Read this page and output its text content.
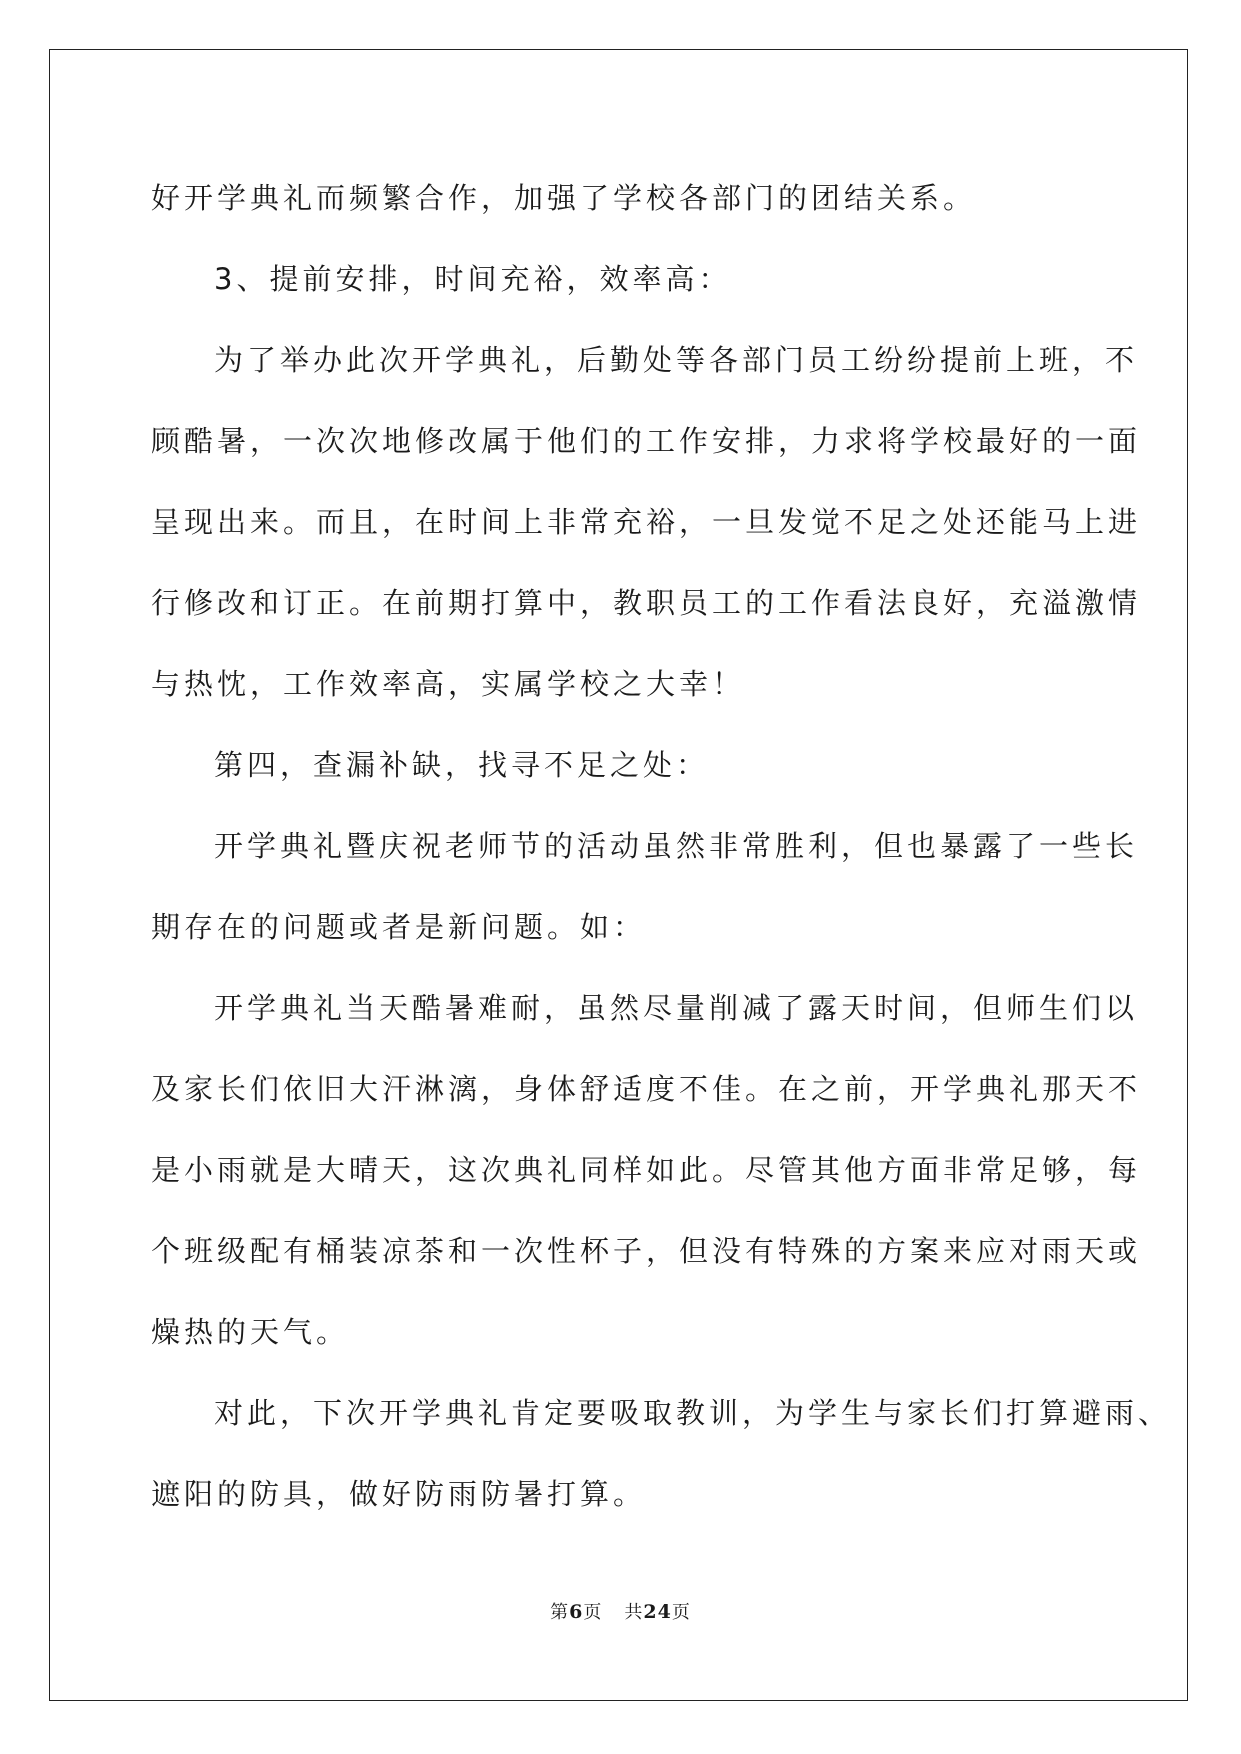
好开学典礼而频繁合作，加强了学校各部门的团结关系。

3、提前安排，时间充裕，效率高：

为了举办此次开学典礼，后勤处等各部门员工纷纷提前上班，不

顾酷暑，一次次地修改属于他们的工作安排，力求将学校最好的一面

呈现出来。而且，在时间上非常充裕，一旦发觉不足之处还能马上进

行修改和订正。在前期打算中，教职员工的工作看法良好，充溢激情

与热忱，工作效率高，实属学校之大幸！

第四，查漏补缺，找寻不足之处：

开学典礼暨庆祝老师节的活动虽然非常胜利，但也暴露了一些长

期存在的问题或者是新问题。如：

开学典礼当天酷暑难耐，虽然尽量削减了露天时间，但师生们以

及家长们依旧大汗淋漓，身体舒适度不佳。在之前，开学典礼那天不

是小雨就是大晴天，这次典礼同样如此。尽管其他方面非常足够，每

个班级配有桶装凉茶和一次性杯子，但没有特殊的方案来应对雨天或

燥热的天气。

对此，下次开学典礼肯定要吸取教训，为学生与家长们打算避雨、

遮阳的防具，做好防雨防暑打算。

第6页 共24页
